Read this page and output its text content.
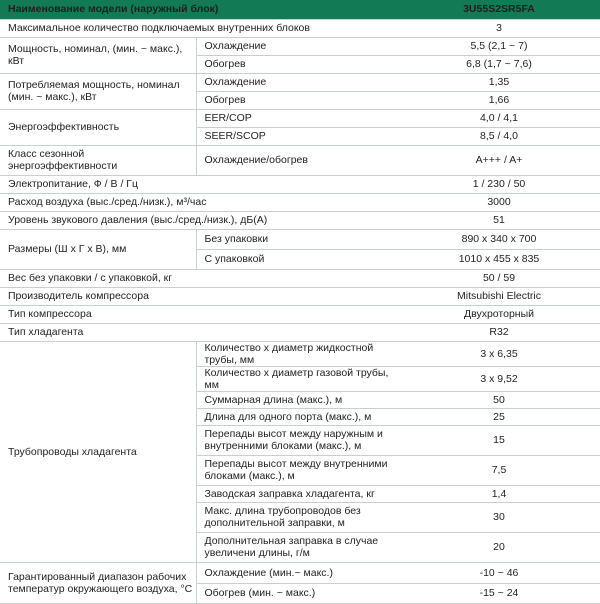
Наименование модели (наружный блок)		3U55S2SR5FA
Максимальное количество подключаемых внутренних блоков		3
Мощность, номинал, (мин. ~ макс.), кВт	Охлаждение	5,5 (2,1 ~ 7)
	Обогрев	6,8 (1,7 ~ 7,6)
Потребляемая мощность, номинал (мин. ~ макс.), кВт	Охлаждение	1,35
	Обогрев	1,66
Энергоэффективность	EER/COP	4,0 / 4,1
	SEER/SCOP	8,5 / 4,0
Класс сезонной энергоэффективности	Охлаждение/обогрев	A+++ / A+
Электропитание, Ф / В / Гц		1 / 230 / 50
Расход воздуха (выс./сред./низк.), м³/час		3000
Уровень звукового давления (выс./сред./низк.), дБ(А)		51
Размеры (Ш х Г х В), мм	Без упаковки	890 x 340 x 700
	С упаковкой	1010 x 455 x 835
Вес без упаковки / с упаковкой, кг		50 / 59
Производитель компрессора		Mitsubishi Electric
Тип компрессора		Двухроторный
Тип хладагента		R32
Трубопроводы хладагента	Количество х диаметр жидкостной трубы, мм	3 x 6,35
	Количество х диаметр газовой трубы, мм	3 x 9,52
	Суммарная длина (макс.), м	50
	Длина для одного порта (макс.), м	25
	Перепады высот между наружным и внутренними блоками (макс.), м	15
	Перепады высот между внутренними блоками (макс.), м	7,5
	Заводская заправка хладагента, кг	1,4
	Макс. длина трубопроводов без дополнительной заправки, м	30
	Дополнительная заправка в случае увеличени длины, г/м	20
Гарантированный диапазон рабочих температур окружающего воздуха, °С	Охлаждение (мин.~ макс.)	-10 ~ 46
	Обогрев (мин. ~ макс.)	-15 ~ 24
